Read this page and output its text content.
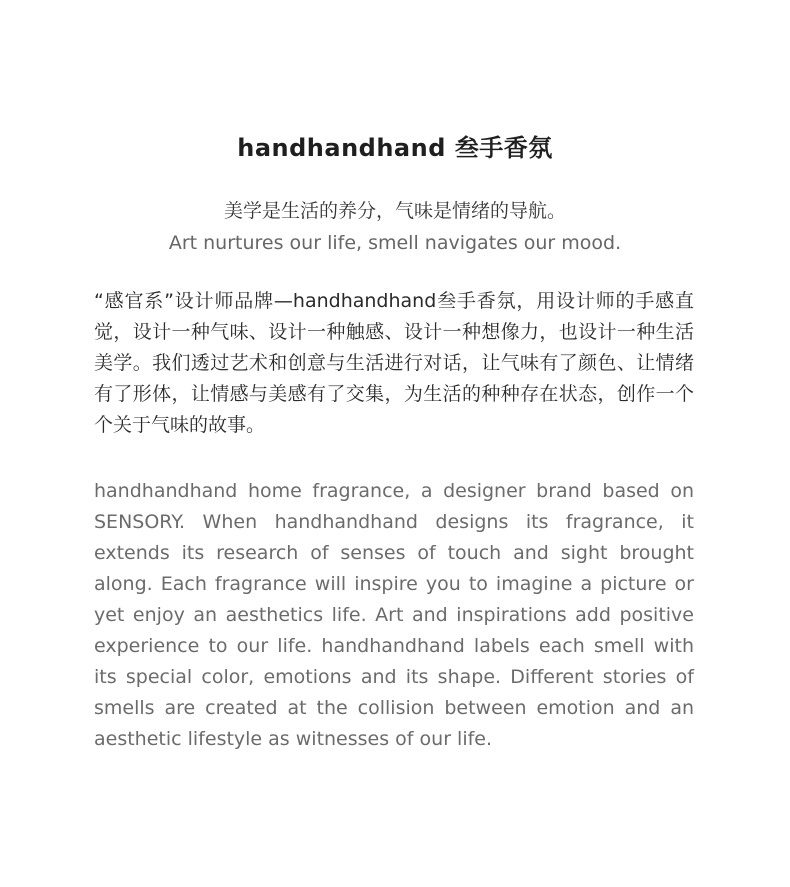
handhandhand 叁手香氛
美学是生活的养分，气味是情绪的导航。
Art nurtures our life, smell navigates our mood.

“感官系”设计师品牌—handhandhand叁手香氛，用设计师的手感直觉，设计一种气味、设计一种触感、设计一种想像力，也设计一种生活美学。我们透过艺术和创意与生活进行对话，让气味有了颜色、让情绪有了形体，让情感与美感有了交集，为生活的种种存在状态，创作一个个关于气味的故事。

handhandhand home fragrance, a designer brand based on SENSORY. When handhandhand designs its fragrance, it extends its research of senses of touch and sight brought along. Each fragrance will inspire you to imagine a picture or yet enjoy an aesthetics life. Art and inspirations add positive experience to our life. handhandhand labels each smell with its special color, emotions and its shape. Different stories of smells are created at the collision between emotion and an aesthetic lifestyle as witnesses of our life.
